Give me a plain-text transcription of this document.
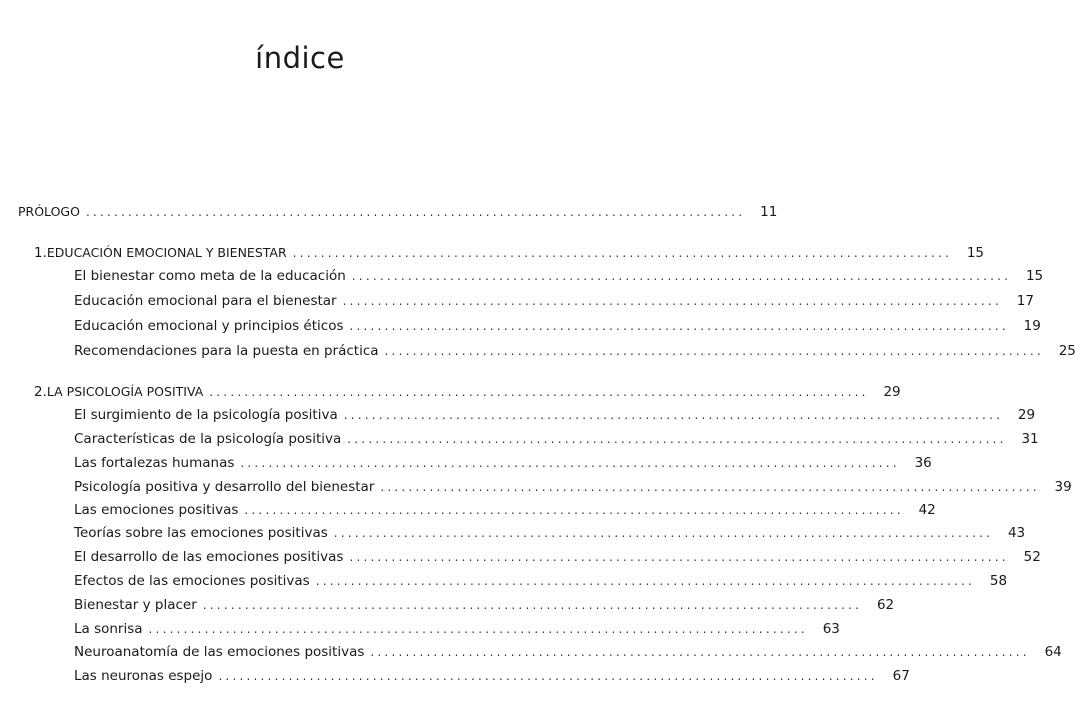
índice
PRÓLOGO ..............................................................................................	11
1. EDUCACIÓN EMOCIONAL Y BIENESTAR ..............................................................................................	15
El bienestar como meta de la educación ..............................................................................................	15
Educación emocional para el bienestar ..............................................................................................	17
Educación emocional y principios éticos ..............................................................................................	19
Recomendaciones para la puesta en práctica ..............................................................................................	25
2. LA PSICOLOGÍA POSITIVA ..............................................................................................	29
El surgimiento de la psicología positiva ..............................................................................................	29
Características de la psicología positiva ..............................................................................................	31
Las fortalezas humanas ..............................................................................................	36
Psicología positiva y desarrollo del bienestar ..............................................................................................	39
Las emociones positivas ..............................................................................................	42
Teorías sobre las emociones positivas ..............................................................................................	43
El desarrollo de las emociones positivas ..............................................................................................	52
Efectos de las emociones positivas ..............................................................................................	58
Bienestar y placer ..............................................................................................	62
La sonrisa ..............................................................................................	63
Neuroanatomía de las emociones positivas ..............................................................................................	64
Las neuronas espejo ..............................................................................................	67
